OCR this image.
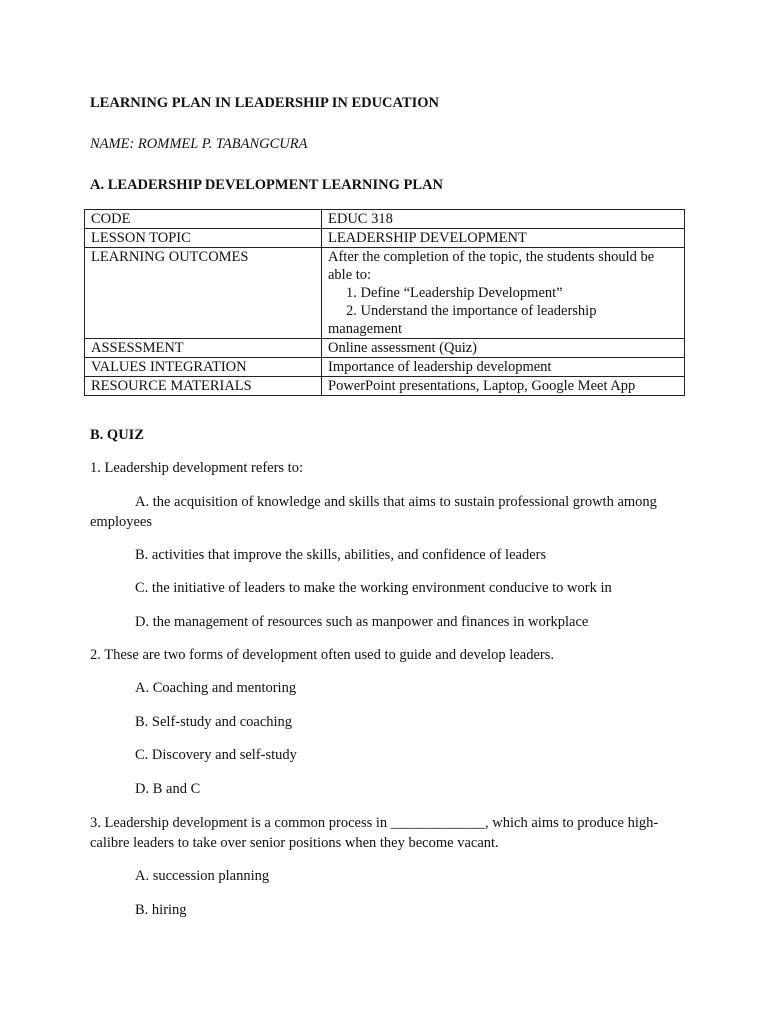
LEARNING PLAN IN LEADERSHIP IN EDUCATION
NAME: ROMMEL P. TABANGCURA
A. LEADERSHIP DEVELOPMENT LEARNING PLAN
CODE	EDUC 318
LESSON TOPIC	LEADERSHIP DEVELOPMENT
LEARNING OUTCOMES	After the completion of the topic, the students should be able to:
1. Define “Leadership Development”
2. Understand the importance of leadership
management
ASSESSMENT	Online assessment (Quiz)
VALUES INTEGRATION	Importance of leadership development
RESOURCE MATERIALS	PowerPoint presentations, Laptop, Google Meet App
B. QUIZ
1. Leadership development refers to:
A. the acquisition of knowledge and skills that aims to sustain professional growth among employees
B. activities that improve the skills, abilities, and confidence of leaders
C. the initiative of leaders to make the working environment conducive to work in
D. the management of resources such as manpower and finances in workplace
2. These are two forms of development often used to guide and develop leaders.
A. Coaching and mentoring
B. Self-study and coaching
C. Discovery and self-study
D. B and C
3. Leadership development is a common process in _____________, which aims to produce high-calibre leaders to take over senior positions when they become vacant.
A. succession planning
B. hiring
